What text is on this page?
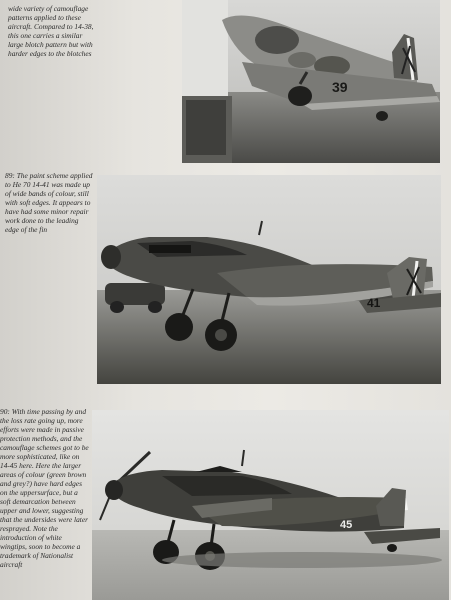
wide variety of camouflage patterns applied to these aircraft. Compared to 14-38, this one carries a similar large blotch pattern but with harder edges to the blotches

39

89: The paint scheme applied to He 70 14-41 was made up of wide bands of colour, still with soft edges. It appears to have had some minor repair work done to the leading edge of the fin

41

90: With time passing by and the loss rate going up, more efforts were made in passive protection methods, and the camouflage schemes got to be more sophisticated, like on 14-45 here. Here the larger areas of colour (green brown and grey?) have hard edges on the uppersurface, but a soft demarcation between upper and lower, suggesting that the undersides were later resprayed. Note the introduction of white wingtips, soon to become a trademark of Nationalist aircraft

45
